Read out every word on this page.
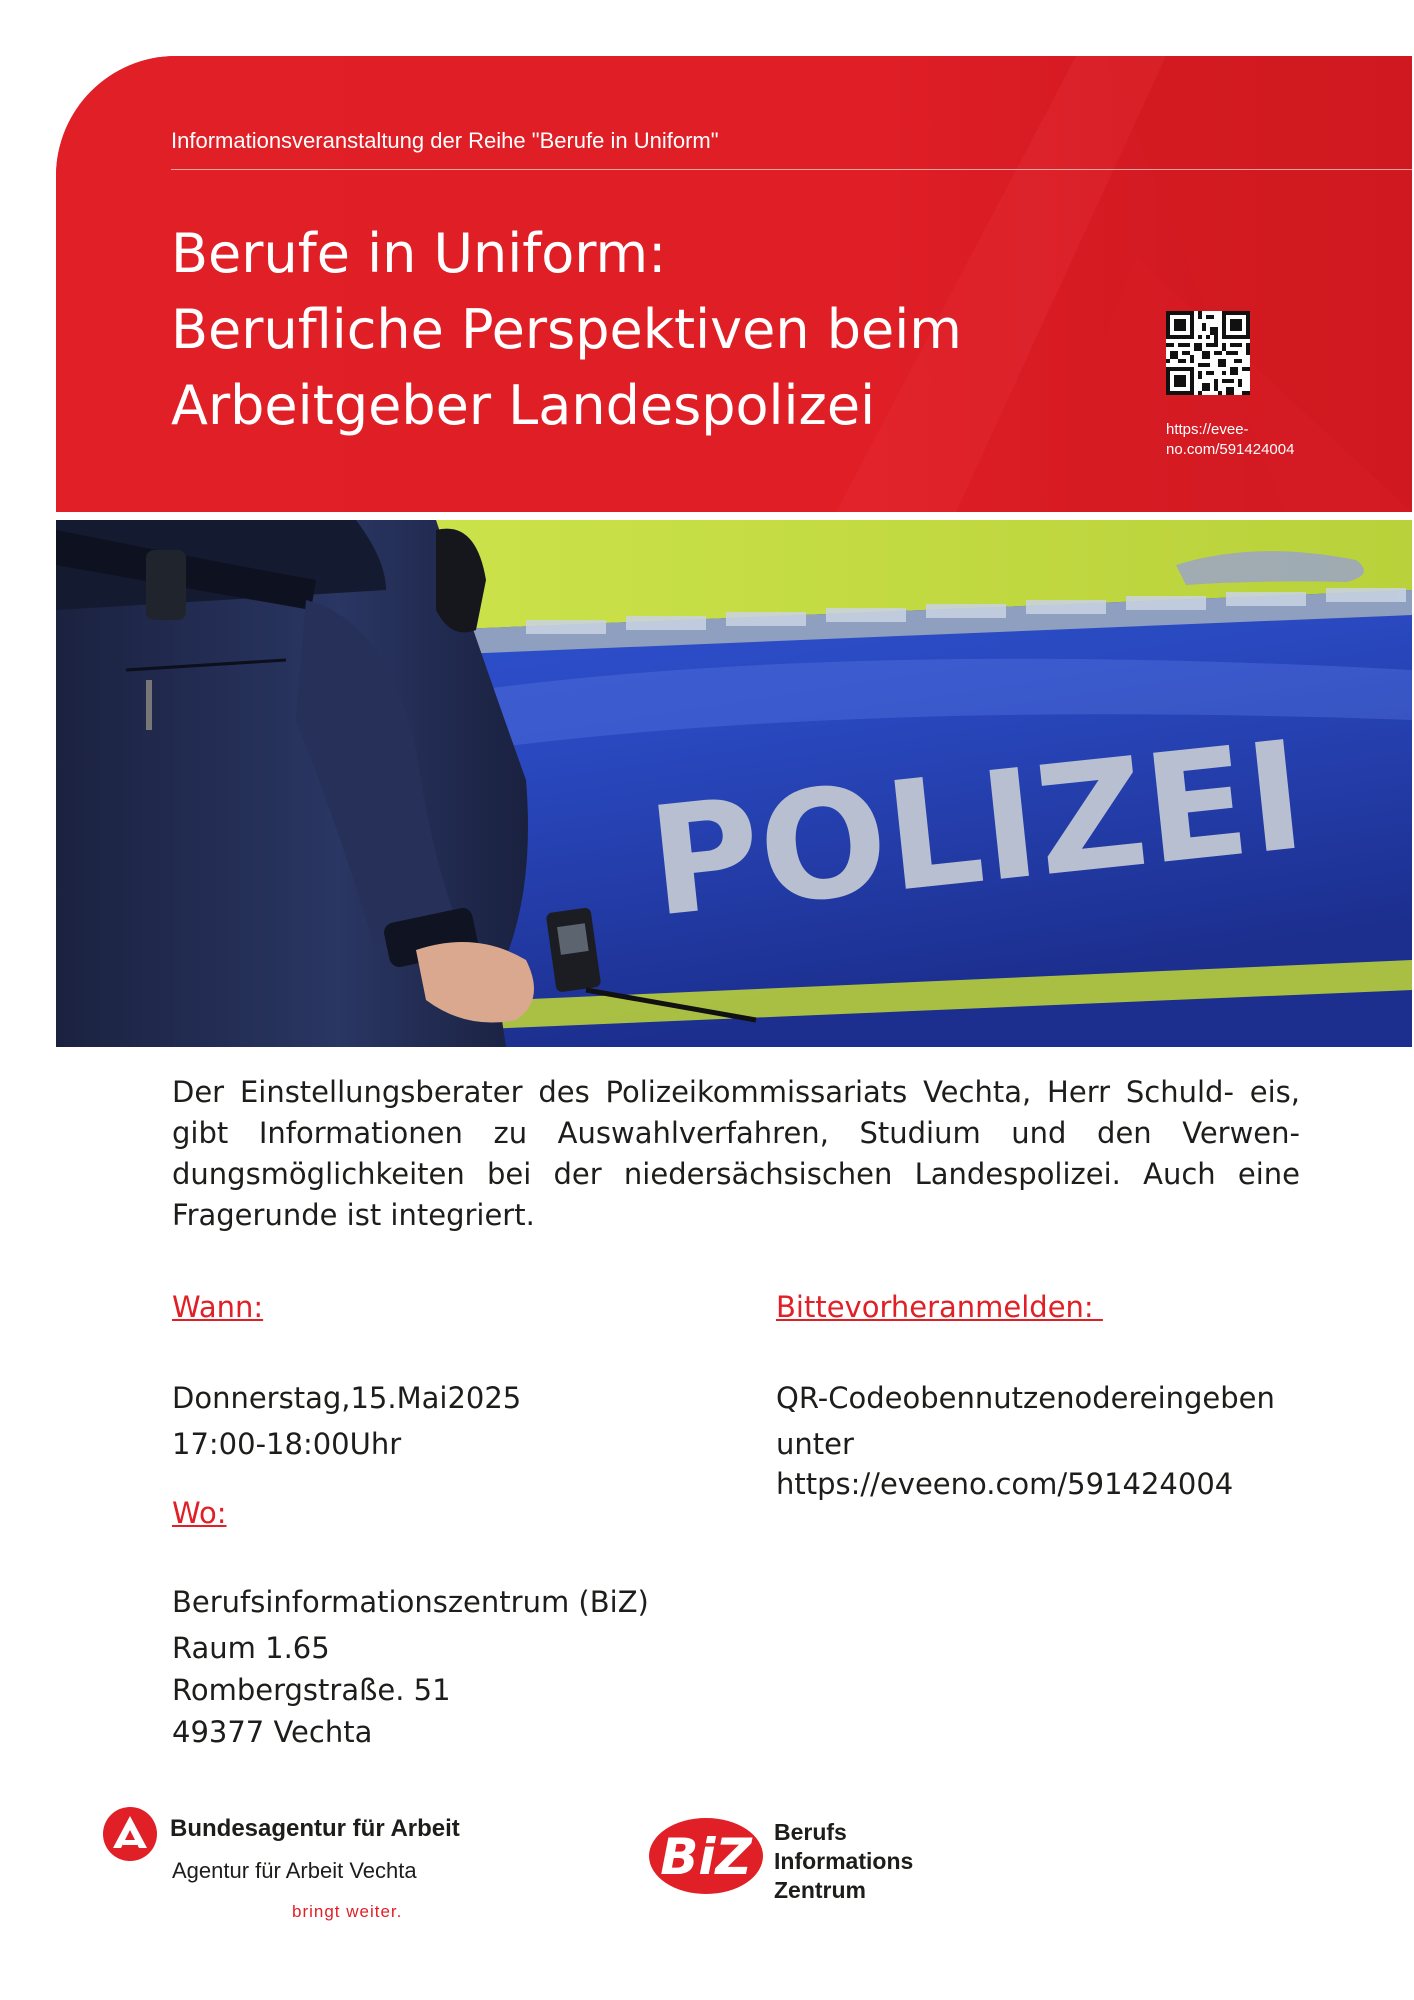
Informationsveranstaltung der Reihe "Berufe in Uniform"
Berufe in Uniform:
Berufliche Perspektiven beim
Arbeitgeber Landespolizei	https://evee-
no.com/591424004
POLIZEI
Der Einstellungsberater des Polizeikommissariats Vechta, Herr Schuld- eis, gibt Informationen zu Auswahlverfahren, Studium und den Verwen- dungsmöglichkeiten bei der niedersächsischen Landespolizei. Auch eine Fragerunde ist integriert.
Wann:
Donnerstag,15.Mai2025
17:00-18:00Uhr
Wo:
Berufsinformationszentrum (BiZ)
Raum 1.65
Rombergstraße. 51
49377 Vechta
Bittevorheranmelden:
QR-Codeobennutzenodereingeben
unter
https://eveeno.com/591424004
Bundesagentur für Arbeit
Agentur für Arbeit Vechta
bringt weiter.
BiZ Berufs
Informations
Zentrum
